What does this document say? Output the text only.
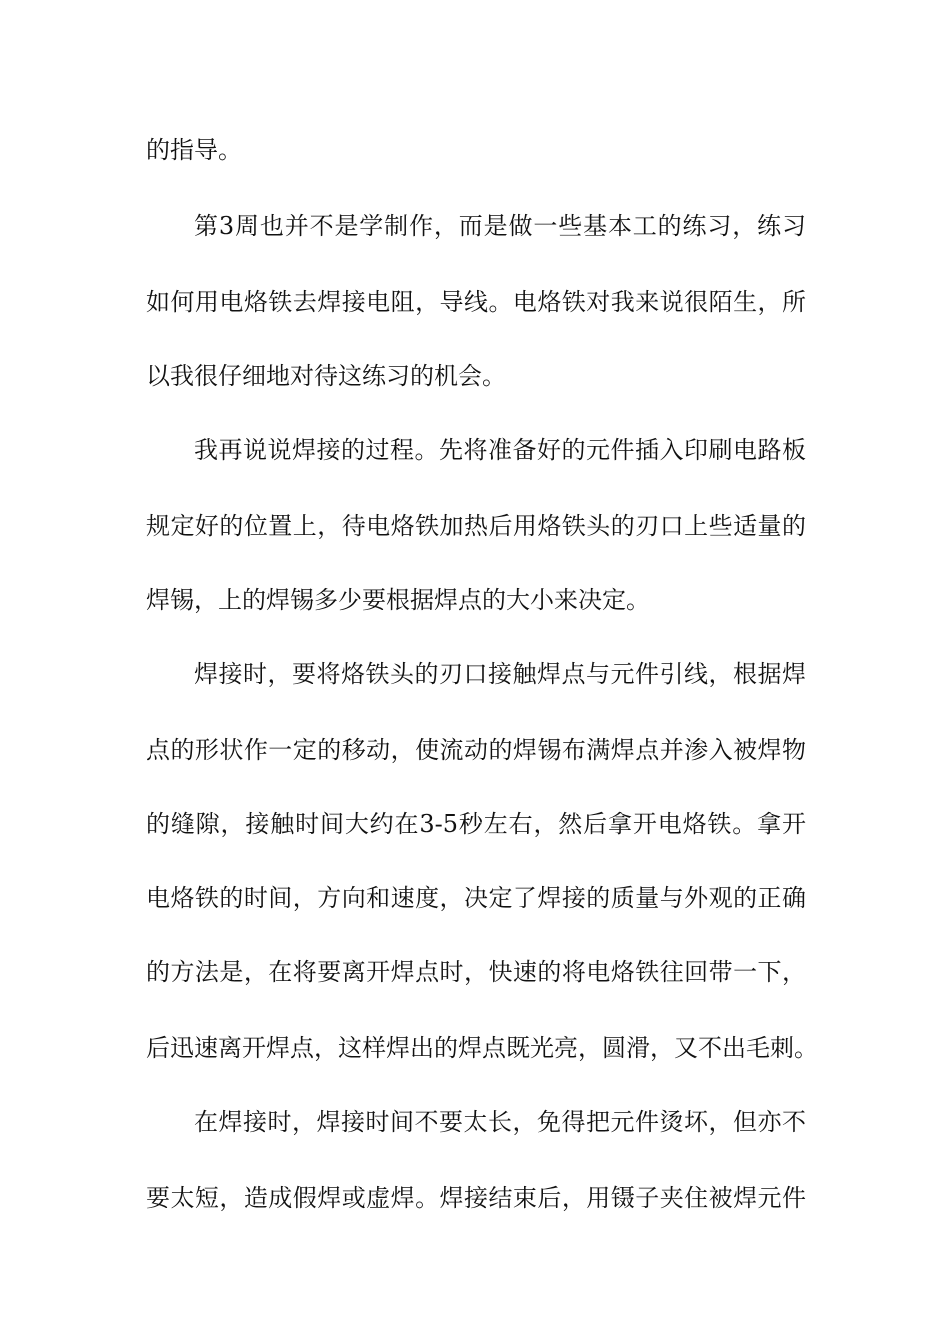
的指导。
第3周也并不是学制作，而是做一些基本工的练习，练习
如何用电烙铁去焊接电阻，导线。电烙铁对我来说很陌生，所
以我很仔细地对待这练习的机会。
我再说说焊接的过程。先将准备好的元件插入印刷电路板
规定好的位置上，待电烙铁加热后用烙铁头的刃口上些适量的
焊锡，上的焊锡多少要根据焊点的大小来决定。
焊接时，要将烙铁头的刃口接触焊点与元件引线，根据焊
点的形状作一定的移动，使流动的焊锡布满焊点并渗入被焊物
的缝隙，接触时间大约在3-5秒左右，然后拿开电烙铁。拿开
电烙铁的时间，方向和速度，决定了焊接的质量与外观的正确
的方法是，在将要离开焊点时，快速的将电烙铁往回带一下，
后迅速离开焊点，这样焊出的焊点既光亮，圆滑，又不出毛刺。
在焊接时，焊接时间不要太长，免得把元件烫坏，但亦不
要太短，造成假焊或虚焊。焊接结束后，用镊子夹住被焊元件
